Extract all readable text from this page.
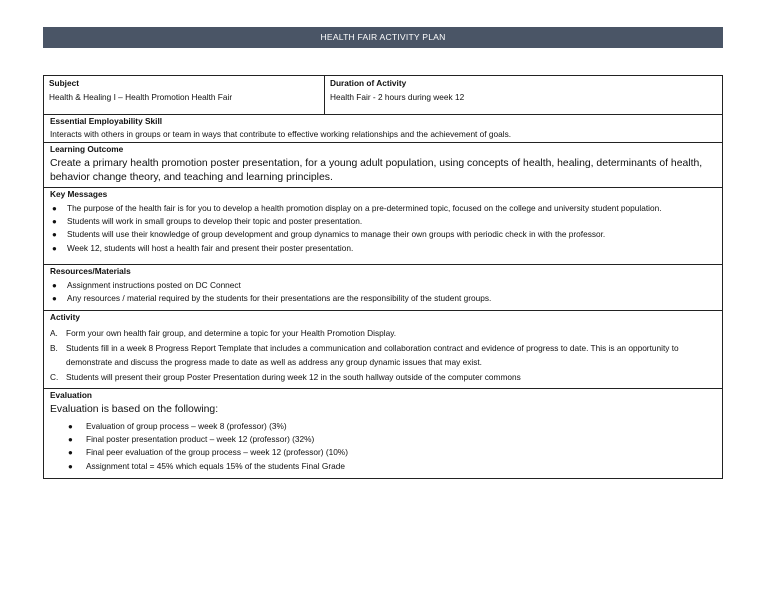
HEALTH FAIR ACTIVITY PLAN
Subject
Health & Healing I – Health Promotion Health Fair
Duration of Activity
Health Fair - 2 hours during week 12
Essential Employability Skill
Interacts with others in groups or team in ways that contribute to effective working relationships and the achievement of goals.
Learning Outcome
Create a primary health promotion poster presentation, for a young adult population, using concepts of health, healing, determinants of health, behavior change theory, and teaching and learning principles.
Key Messages
● The purpose of the health fair is for you to develop a health promotion display on a pre-determined topic, focused on the college and university student population.
● Students will work in small groups to develop their topic and poster presentation.
● Students will use their knowledge of group development and group dynamics to manage their own groups with periodic check in with the professor.
● Week 12, students will host a health fair and present their poster presentation.
Resources/Materials
● Assignment instructions posted on DC Connect
● Any resources / material required by the students for their presentations are the responsibility of the student groups.
Activity
A. Form your own health fair group, and determine a topic for your Health Promotion Display.
B. Students fill in a week 8 Progress Report Template that includes a communication and collaboration contract and evidence of progress to date. This is an opportunity to demonstrate and discuss the progress made to date as well as address any group dynamic issues that may exist.
C. Students will present their group Poster Presentation during week 12 in the south hallway outside of the computer commons
Evaluation
Evaluation is based on the following:
● Evaluation of group process – week 8 (professor) (3%)
● Final poster presentation product – week 12 (professor) (32%)
● Final peer evaluation of the group process – week 12 (professor) (10%)
● Assignment total = 45% which equals 15% of the students Final Grade
